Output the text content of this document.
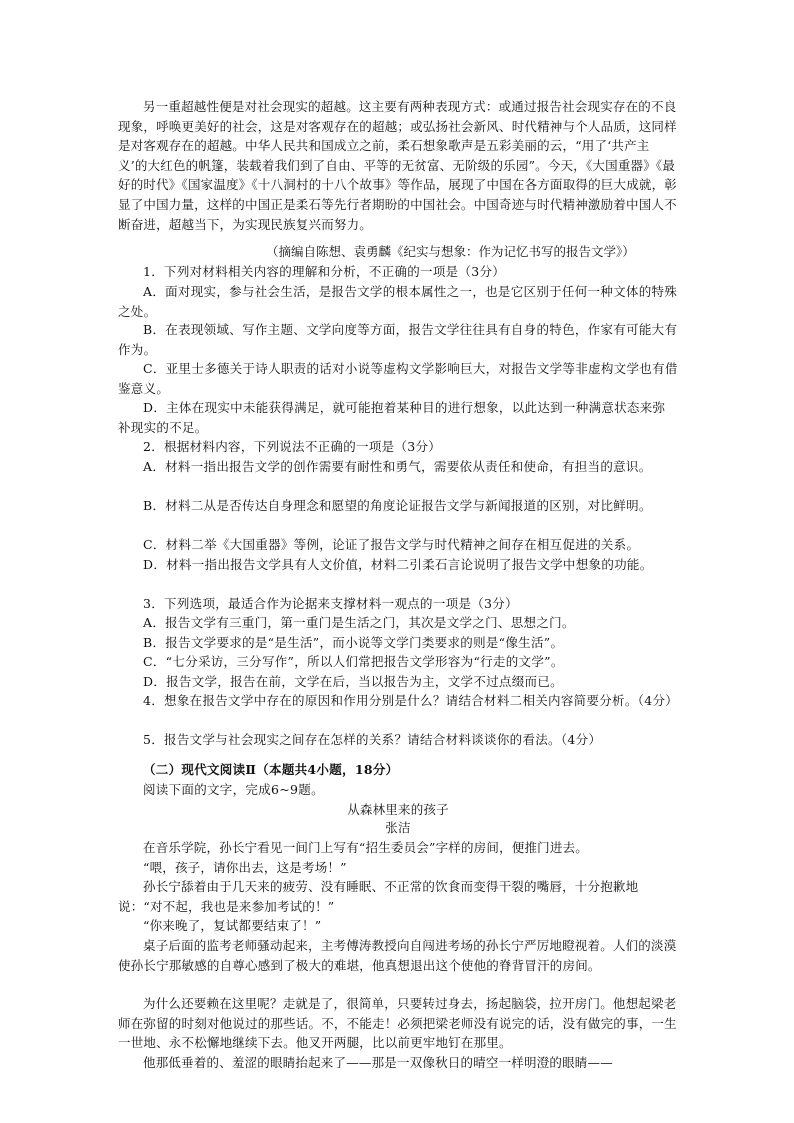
另一重超越性便是对社会现实的超越。这主要有两种表现方式：或通过报告社会现实存在的不良现象，呼唤更美好的社会，这是对客观存在的超越；或弘扬社会新风、时代精神与个人品质，这同样是对客观存在的超越。中华人民共和国成立之前，柔石想象歌声是五彩美丽的云，“用了‘共产主义’的大红色的帆篷，装载着我们到了自由、平等的无贫富、无阶级的乐园”。今天，《大国重器》《最好的时代》《国家温度》《十八洞村的十八个故事》等作品，展现了中国在各方面取得的巨大成就，彰显了中国力量，这样的中国正是柔石等先行者期盼的中国社会。中国奇迹与时代精神激励着中国人不断奋进，超越当下，为实现民族复兴而努力。

（摘编自陈想、袁勇麟《纪实与想象：作为记忆书写的报告文学》）

1．下列对材料相关内容的理解和分析，不正确的一项是（3分）

A．面对现实，参与社会生活，是报告文学的根本属性之一，也是它区别于任何一种文体的特殊之处。

B．在表现领域、写作主题、文学向度等方面，报告文学往往具有自身的特色，作家有可能大有作为。

C．亚里士多德关于诗人职责的话对小说等虚构文学影响巨大，对报告文学等非虚构文学也有借鉴意义。

D．主体在现实中未能获得满足，就可能抱着某种目的进行想象，以此达到一种满意状态来弥补现实的不足。

2．根据材料内容，下列说法不正确的一项是（3分）

A．材料一指出报告文学的创作需要有耐性和勇气，需要依从责任和使命，有担当的意识。

B．材料二从是否传达自身理念和愿望的角度论证报告文学与新闻报道的区别，对比鲜明。

C．材料二举《大国重器》等例，论证了报告文学与时代精神之间存在相互促进的关系。

D．材料一指出报告文学具有人文价值，材料二引柔石言论说明了报告文学中想象的功能。

3．下列选项，最适合作为论据来支撑材料一观点的一项是（3分）

A．报告文学有三重门，第一重门是生活之门，其次是文学之门、思想之门。

B．报告文学要求的是“是生活”，而小说等文学门类要求的则是“像生活”。

C．“七分采访，三分写作”，所以人们常把报告文学形容为“行走的文学”。

D．报告文学，报告在前，文学在后，当以报告为主，文学不过点缀而已。

4．想象在报告文学中存在的原因和作用分别是什么？请结合材料二相关内容简要分析。（4分）

5．报告文学与社会现实之间存在怎样的关系？请结合材料谈谈你的看法。（4分）

（二）现代文阅读Ⅱ（本题共4小题，18分）

阅读下面的文字，完成6~9题。

从森林里来的孩子

张洁

在音乐学院，孙长宁看见一间门上写有“招生委员会”字样的房间，便推门进去。

“喂，孩子，请你出去，这是考场！”

孙长宁舔着由于几天来的疲劳、没有睡眠、不正常的饮食而变得干裂的嘴唇，十分抱歉地说：“对不起，我也是来参加考试的！”

“你来晚了，复试都要结束了！”

桌子后面的监考老师骚动起来，主考傅涛教授向自闯进考场的孙长宁严厉地瞪视着。人们的淡漠使孙长宁那敏感的自尊心感到了极大的难堪，他真想退出这个使他的脊背冒汗的房间。

为什么还要赖在这里呢？走就是了，很简单，只要转过身去，扬起脑袋，拉开房门。他想起梁老师在弥留的时刻对他说过的那些话。不，不能走！必须把梁老师没有说完的话，没有做完的事，一生一世地、永不松懈地继续下去。他叉开两腿，比以前更牢地钉在那里。

他那低垂着的、羞涩的眼睛抬起来了——那是一双像秋日的晴空一样明澄的眼睛——
